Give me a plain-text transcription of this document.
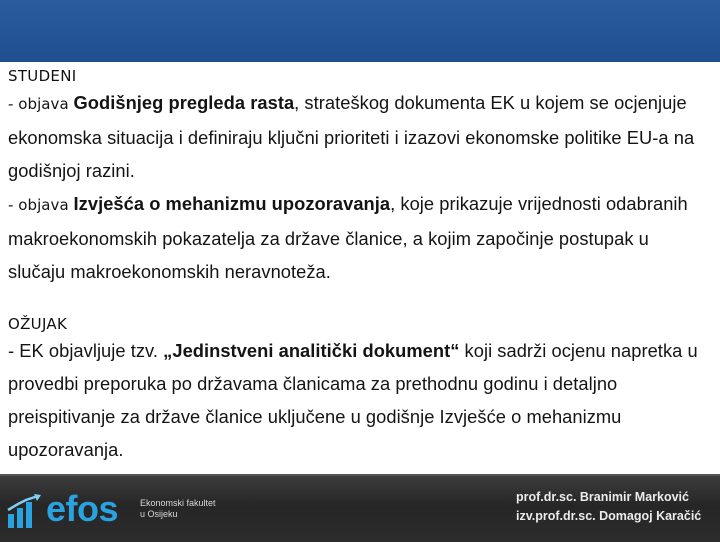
STUDENI

- objava Godišnjeg pregleda rasta, strateškog dokumenta EK u kojem se ocjenjuje ekonomska situacija i definiraju ključni prioriteti i izazovi ekonomske politike EU-a na godišnjoj razini.

- objava Izvješća o mehanizmu upozoravanja, koje prikazuje vrijednosti odabranih makroekonomskih pokazatelja za države članice, a kojim započinje postupak u slučaju makroekonomskih neravnoteža.

OŽUJAK

- EK objavljuje tzv. „Jedinstveni analitički dokument“ koji sadrži ocjenu napretka u provedbi preporuka po državama članicama za prethodnu godinu i detaljno preispitivanje za države članice uključene u godišnje Izvješće o mehanizmu upozoravanja.

efos Ekonomski fakultet
u Osijeku
prof.dr.sc. Branimir Marković
izv.prof.dr.sc. Domagoj Karačić
